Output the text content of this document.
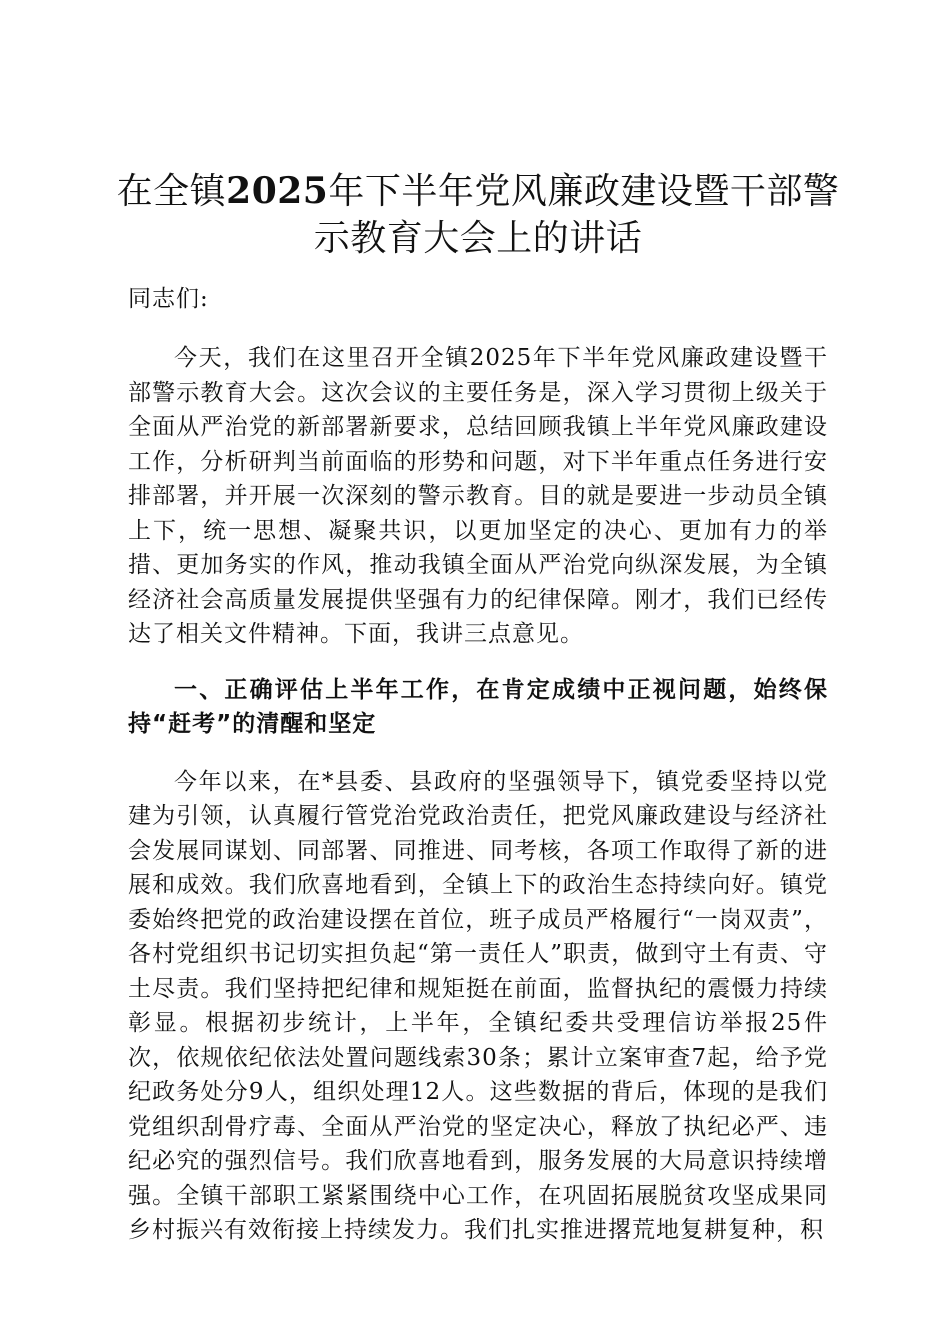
在全镇2025年下半年党风廉政建设暨干部警示教育大会上的讲话
同志们:

今天，我们在这里召开全镇2025年下半年党风廉政建设暨干部警示教育大会。这次会议的主要任务是，深入学习贯彻上级关于全面从严治党的新部署新要求，总结回顾我镇上半年党风廉政建设工作，分析研判当前面临的形势和问题，对下半年重点任务进行安排部署，并开展一次深刻的警示教育。目的就是要进一步动员全镇上下，统一思想、凝聚共识，以更加坚定的决心、更加有力的举措、更加务实的作风，推动我镇全面从严治党向纵深发展，为全镇经济社会高质量发展提供坚强有力的纪律保障。刚才，我们已经传达了相关文件精神。下面，我讲三点意见。

一、正确评估上半年工作，在肯定成绩中正视问题，始终保持“赶考”的清醒和坚定

今年以来，在*县委、县政府的坚强领导下，镇党委坚持以党建为引领，认真履行管党治党政治责任，把党风廉政建设与经济社会发展同谋划、同部署、同推进、同考核，各项工作取得了新的进展和成效。我们欣喜地看到，全镇上下的政治生态持续向好。镇党委始终把党的政治建设摆在首位，班子成员严格履行“一岗双责”，各村党组织书记切实担负起“第一责任人”职责，做到守土有责、守土尽责。我们坚持把纪律和规矩挺在前面，监督执纪的震慑力持续彰显。根据初步统计，上半年，全镇纪委共受理信访举报25件次，依规依纪依法处置问题线索30条；累计立案审查7起，给予党纪政务处分9人，组织处理12人。这些数据的背后，体现的是我们党组织刮骨疗毒、全面从严治党的坚定决心，释放了执纪必严、违纪必究的强烈信号。我们欣喜地看到，服务发展的大局意识持续增强。全镇干部职工紧紧围绕中心工作，在巩固拓展脱贫攻坚成果同乡村振兴有效衔接上持续发力。我们扎实推进撂荒地复耕复种，积
